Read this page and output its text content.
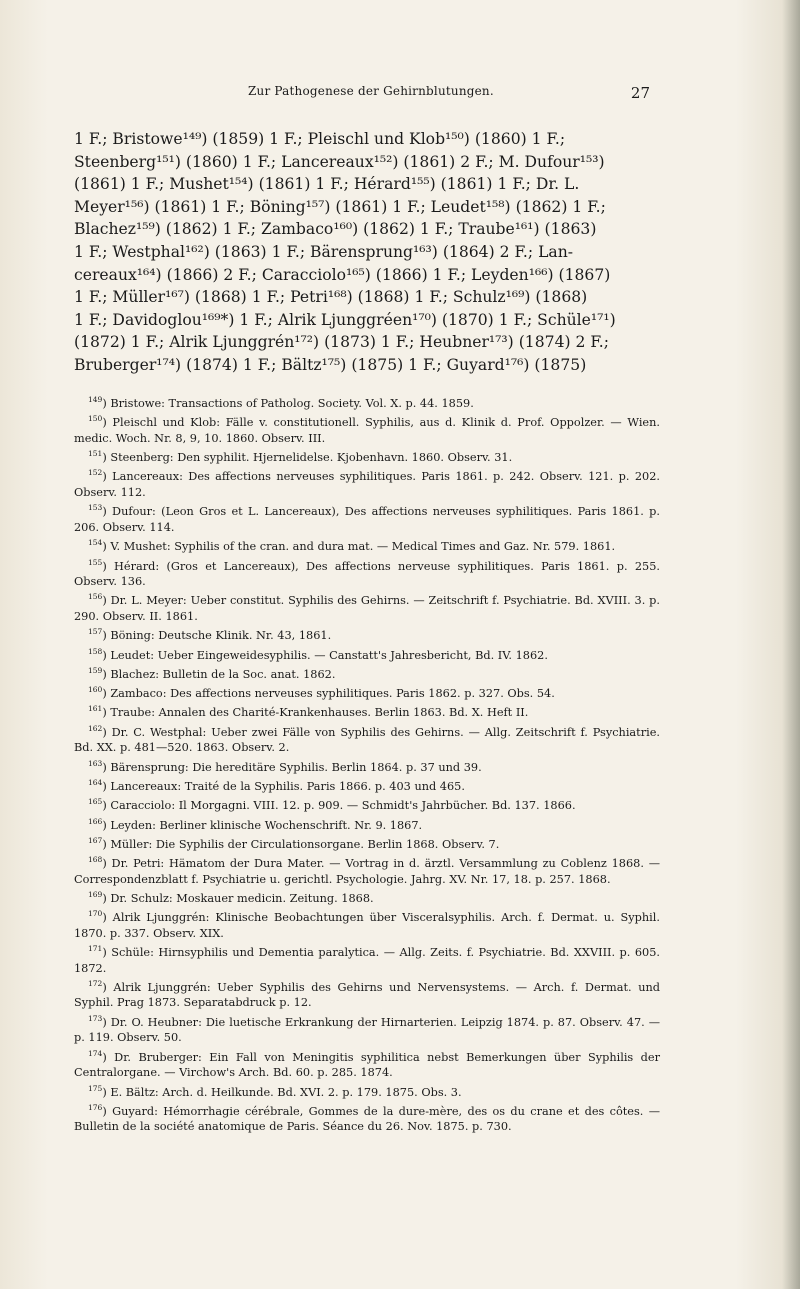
Zur Pathogenese der Gehirnblutungen.	27
1 F.; Bristowe¹⁴⁹) (1859) 1 F.; Pleischl und Klob¹⁵⁰) (1860) 1 F.;
Steenberg¹⁵¹) (1860) 1 F.; Lancereaux¹⁵²) (1861) 2 F.; M. Dufour¹⁵³)
(1861) 1 F.; Mushet¹⁵⁴) (1861) 1 F.; Hérard¹⁵⁵) (1861) 1 F.; Dr. L.
Meyer¹⁵⁶) (1861) 1 F.; Böning¹⁵⁷) (1861) 1 F.; Leudet¹⁵⁸) (1862) 1 F.;
Blachez¹⁵⁹) (1862) 1 F.; Zambaco¹⁶⁰) (1862) 1 F.; Traube¹⁶¹) (1863)
1 F.; Westphal¹⁶²) (1863) 1 F.; Bärensprung¹⁶³) (1864) 2 F.; Lan-
cereaux¹⁶⁴) (1866) 2 F.; Caracciolo¹⁶⁵) (1866) 1 F.; Leyden¹⁶⁶) (1867)
1 F.; Müller¹⁶⁷) (1868) 1 F.; Petri¹⁶⁸) (1868) 1 F.; Schulz¹⁶⁹) (1868)
1 F.; Davidoglou¹⁶⁹*) 1 F.; Alrik Ljunggréen¹⁷⁰) (1870) 1 F.; Schüle¹⁷¹)
(1872) 1 F.; Alrik Ljunggrén¹⁷²) (1873) 1 F.; Heubner¹⁷³) (1874) 2 F.;
Bruberger¹⁷⁴) (1874) 1 F.; Bältz¹⁷⁵) (1875) 1 F.; Guyard¹⁷⁶) (1875)

$^{149}$) Bristowe: Transactions of Patholog. Society. Vol. X. p. 44. 1859.

$^{150}$) Pleischl und Klob: Fälle v. constitutionell. Syphilis, aus d. Klinik d. Prof. Oppolzer. — Wien. medic. Woch. Nr. 8, 9, 10. 1860. Observ. III.

$^{151}$) Steenberg: Den syphilit. Hjernelidelse. Kjobenhavn. 1860. Observ. 31.

$^{152}$) Lancereaux: Des affections nerveuses syphilitiques. Paris 1861. p. 242. Observ. 121. p. 202. Observ. 112.

$^{153}$) Dufour: (Leon Gros et L. Lancereaux), Des affections nerveuses syphilitiques. Paris 1861. p. 206. Observ. 114.

$^{154}$) V. Mushet: Syphilis of the cran. and dura mat. — Medical Times and Gaz. Nr. 579. 1861.

$^{155}$) Hérard: (Gros et Lancereaux), Des affections nerveuse syphilitiques. Paris 1861. p. 255. Observ. 136.

$^{156}$) Dr. L. Meyer: Ueber constitut. Syphilis des Gehirns. — Zeitschrift f. Psychiatrie. Bd. XVIII. 3. p. 290. Observ. II. 1861.

$^{157}$) Böning: Deutsche Klinik. Nr. 43, 1861.

$^{158}$) Leudet: Ueber Eingeweidesyphilis. — Canstatt's Jahresbericht, Bd. IV. 1862.

$^{159}$) Blachez: Bulletin de la Soc. anat. 1862.

$^{160}$) Zambaco: Des affections nerveuses syphilitiques. Paris 1862. p. 327. Obs. 54.

$^{161}$) Traube: Annalen des Charité-Krankenhauses. Berlin 1863. Bd. X. Heft II.

$^{162}$) Dr. C. Westphal: Ueber zwei Fälle von Syphilis des Gehirns. — Allg. Zeitschrift f. Psychiatrie. Bd. XX. p. 481—520. 1863. Observ. 2.

$^{163}$) Bärensprung: Die hereditäre Syphilis. Berlin 1864. p. 37 und 39.

$^{164}$) Lancereaux: Traité de la Syphilis. Paris 1866. p. 403 und 465.

$^{165}$) Caracciolo: Il Morgagni. VIII. 12. p. 909. — Schmidt's Jahrbücher. Bd. 137. 1866.

$^{166}$) Leyden: Berliner klinische Wochenschrift. Nr. 9. 1867.

$^{167}$) Müller: Die Syphilis der Circulationsorgane. Berlin 1868. Observ. 7.

$^{168}$) Dr. Petri: Hämatom der Dura Mater. — Vortrag in d. ärztl. Versammlung zu Coblenz 1868. — Correspondenzblatt f. Psychiatrie u. gerichtl. Psychologie. Jahrg. XV. Nr. 17, 18. p. 257. 1868.

$^{169}$) Dr. Schulz: Moskauer medicin. Zeitung. 1868.

$^{170}$) Alrik Ljunggrén: Klinische Beobachtungen über Visceralsyphilis. Arch. f. Dermat. u. Syphil. 1870. p. 337. Observ. XIX.

$^{171}$) Schüle: Hirnsyphilis und Dementia paralytica. — Allg. Zeits. f. Psychiatrie. Bd. XXVIII. p. 605. 1872.

$^{172}$) Alrik Ljunggrén: Ueber Syphilis des Gehirns und Nervensystems. — Arch. f. Dermat. und Syphil. Prag 1873. Separatabdruck p. 12.

$^{173}$) Dr. O. Heubner: Die luetische Erkrankung der Hirnarterien. Leipzig 1874. p. 87. Observ. 47. — p. 119. Observ. 50.

$^{174}$) Dr. Bruberger: Ein Fall von Meningitis syphilitica nebst Bemerkungen über Syphilis der Centralorgane. — Virchow's Arch. Bd. 60. p. 285. 1874.

$^{175}$) E. Bältz: Arch. d. Heilkunde. Bd. XVI. 2. p. 179. 1875. Obs. 3.

$^{176}$) Guyard: Hémorrhagie cérébrale, Gommes de la dure-mère, des os du crane et des côtes. — Bulletin de la société anatomique de Paris. Séance du 26. Nov. 1875. p. 730.
